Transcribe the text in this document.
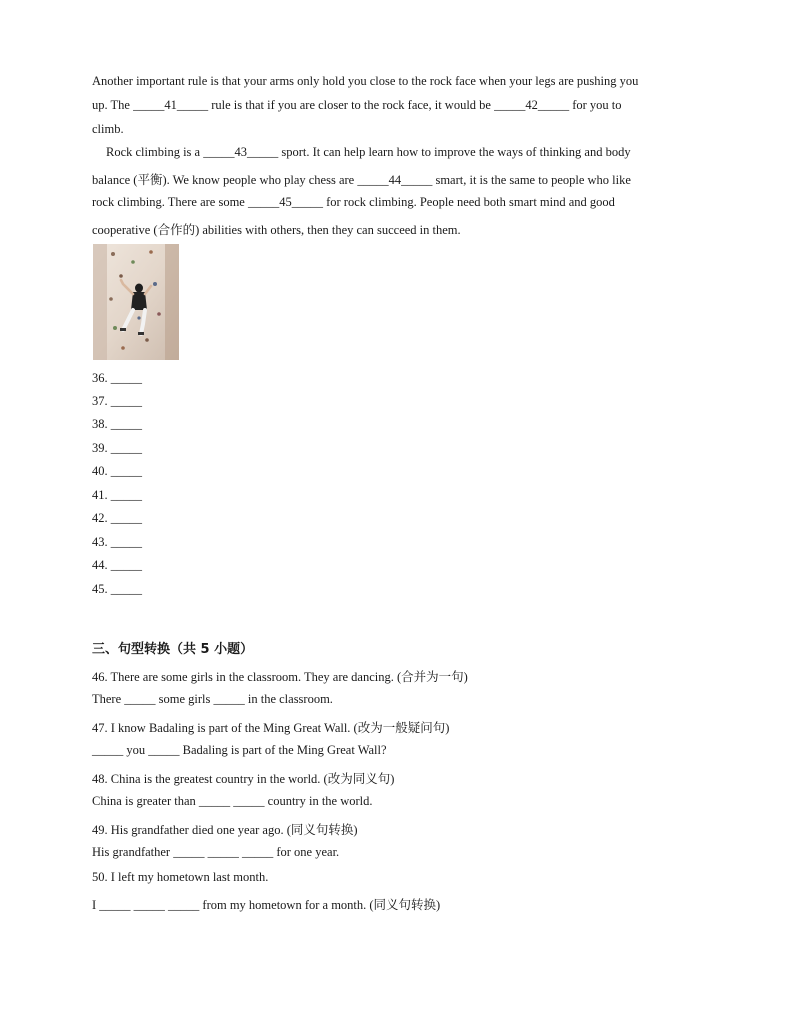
Another important rule is that your arms only hold you close to the rock face when your legs are pushing you
up. The _____41_____ rule is that if you are closer to the rock face, it would be _____42_____ for you to
climb.
Rock climbing is a _____43_____ sport. It can help learn how to improve the ways of thinking and body
balance (平衡). We know people who play chess are _____44_____ smart, it is the same to people who like
rock climbing. There are some _____45_____ for rock climbing. People need both smart mind and good
cooperative (合作的) abilities with others, then they can succeed in them.
36. _____
37. _____
38. _____
39. _____
40. _____
41. _____
42. _____
43. _____
44. _____
45. _____
三、句型转换（共 5 小题）
46. There are some girls in the classroom. They are dancing. (合并为一句)
There _____ some girls _____ in the classroom.
47. I know Badaling is part of the Ming Great Wall. (改为一般疑问句)
_____ you _____ Badaling is part of the Ming Great Wall?
48. China is the greatest country in the world. (改为同义句)
China is greater than _____ _____ country in the world.
49. His grandfather died one year ago. (同义句转换)
His grandfather _____ _____ _____ for one year.
50. I left my hometown last month.
I _____ _____ _____ from my hometown for a month. (同义句转换)
